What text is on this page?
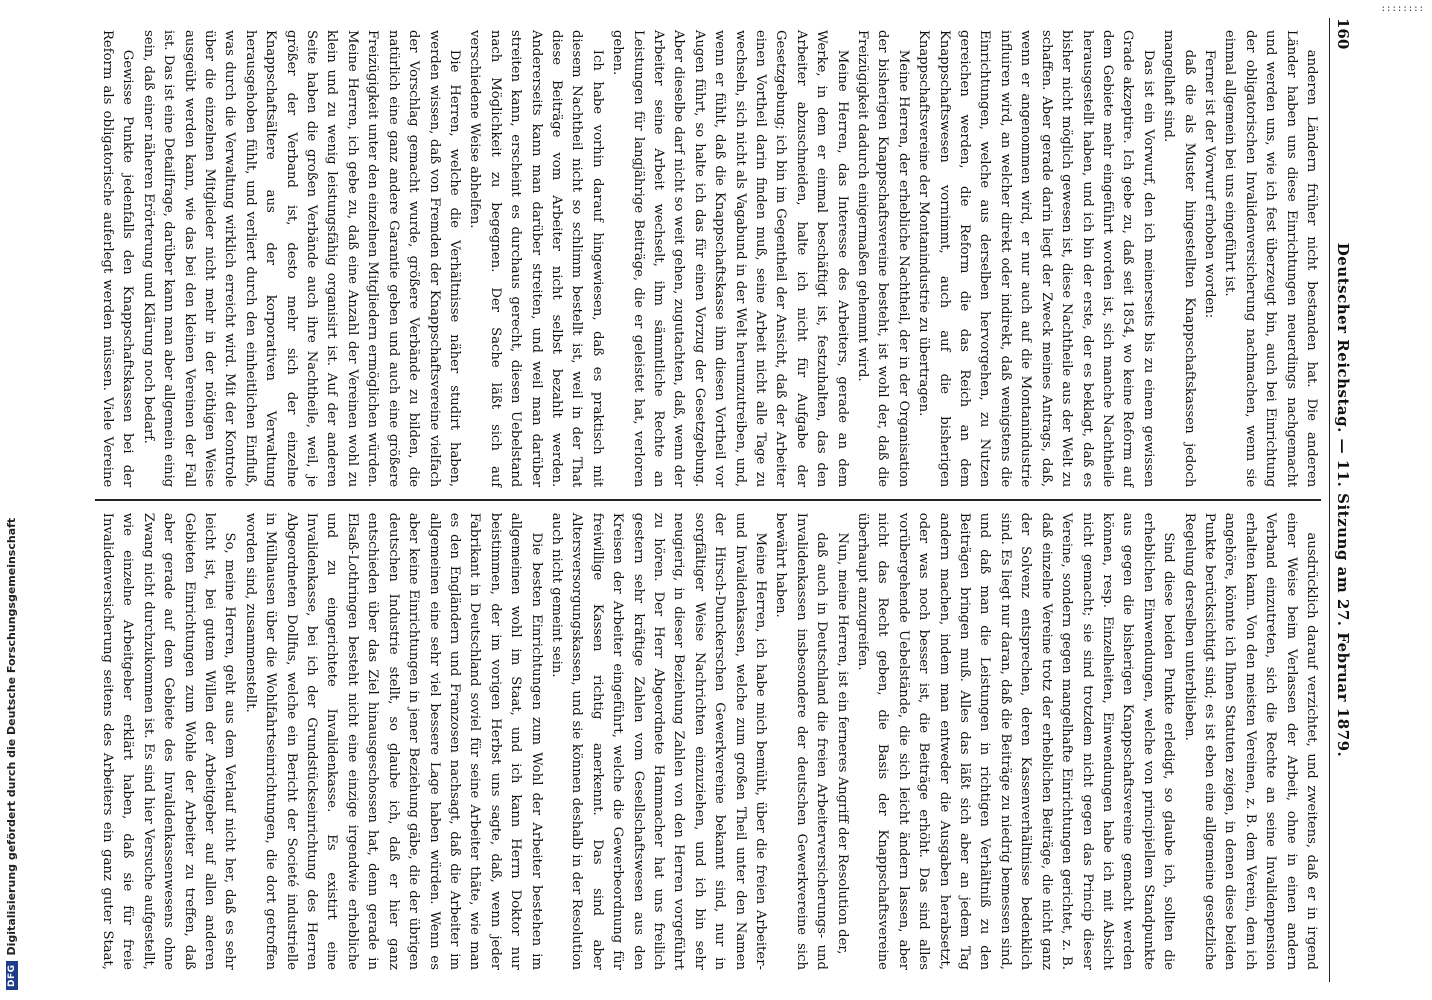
DFG
Digitalisierung gefördert durch die Deutsche Forschungsgemeinschaft
::::::::
160
Deutscher Reichstag. — 11. Sitzung am 27. Februar 1879.

anderen Ländern früher nicht bestanden hat. Die anderen Länder haben uns diese Einrichtungen neuerdings nachgemacht und werden uns, wie ich fest überzeugt bin, auch bei Einrichtung der obligatorischen Invalidenversicherung nachmachen, wenn sie einmal allgemein bei uns eingeführt ist.

Ferner ist der Vorwurf erhoben worden:

daß die als Muster hingestellten Knappschaftskassen jedoch mangelhaft sind.

Das ist ein Vorwurf, den ich meinerseits bis zu einem gewissen Grade akzeptire. Ich gebe zu, daß seit 1854, wo keine Reform auf dem Gebiete mehr eingeführt worden ist, sich manche Nachtheile herausgestellt haben, und ich bin der erste, der es beklagt, daß es bisher nicht möglich gewesen ist, diese Nachtheile aus der Welt zu schaffen. Aber gerade darin liegt der Zweck meines Antrags, daß, wenn er angenommen wird, er nur auch auf die Montanindustrie influiren wird, an welcher direkt oder indirekt, daß wenigstens die Einrichtungen, welche aus derselben hervorgehen, zu Nutzen gereichen werden, die Reform die das Reich an dem Knappschaftswesen vornimmt, auch auf die bisherigen Knappschaftsvereine der Montanindustrie zu übertragen.

Meine Herren, der erhebliche Nachtheil, der in der Organisation der bisherigen Knappschaftsvereine besteht, ist wohl der, daß die Freizügigkeit dadurch einigermaßen gehemmt wird.

Meine Herren, das Interesse des Arbeiters, gerade an dem Werke, in dem er einmal beschäftigt ist, festzuhalten, das den Arbeiter abzuschneiden, halte ich nicht für Aufgabe der Gesetzgebung; ich bin im Gegentheil der Ansicht, daß der Arbeiter einen Vortheil darin finden muß, seine Arbeit nicht alle Tage zu wechseln, sich nicht als Vagabund in der Welt herumzutreiben, und, wenn er fühlt, daß die Knappschaftskasse ihm diesen Vortheil vor Augen führt, so halte ich das für einen Vorzug der Gesetzgebung. Aber dieselbe darf nicht so weit gehen, zugutachten, daß, wenn der Arbeiter seine Arbeit wechselt, ihm sämmtliche Rechte an Leistungen für langjährige Beiträge, die er geleistet hat, verloren gehen.

Ich habe vorhin darauf hingewiesen, daß es praktisch mit diesem Nachtheil nicht so schlimm bestellt ist, weil in der That diese Beiträge vom Arbeiter nicht selbst bezahlt werden. Andererseits kann man darüber streiten, und weil man darüber streiten kann, erscheint es durchaus gerecht, diesen Uebelstand nach Möglichkeit zu begegnen. Der Sache läßt sich auf verschiedene Weise abhelfen.

Die Herren, welche die Verhältnisse näher studirt haben, werden wissen, daß von Fremden der Knappschaftsvereine vielfach der Vorschlag gemacht wurde, größere Verbände zu bilden, die natürlich eine ganz andere Garantie geben und auch eine größere Freizügigkeit unter den einzelnen Mitgliedern ermöglichen würden. Meine Herren, ich gebe zu, daß eine Anzahl der Vereinen wohl zu klein und zu wenig leistungsfähig organisirt ist. Auf der anderen Seite haben die großen Verbände auch ihre Nachtheile, weil, je größer der Verband ist, desto mehr sich der einzelne Knappschaftsältere aus der korporativen Verwaltung herausgehoben fühlt, und verliert durch den einheitlichen Einfluß, was durch die Verwaltung wirklich erreicht wird. Mit der Kontrole über die einzelnen Mitglieder nicht mehr in der nöthigen Weise ausgeübt werden kann, wie das bei den kleinen Vereinen der Fall ist. Das ist eine Detailfrage, darüber kann man aber allgemein einig sein, daß einer näheren Erörterung und Klärung noch bedarf.

Gewisse Punkte jedenfalls den Knappschaftskassen bei der Reform als obligatorische auferlegt werden müssen. Viele Vereine

ausdrücklich darauf verzichtet, und zweitens, daß er in irgend einer Weise beim Verlassen der Arbeit, ohne in einen andern Verband einzutreten, sich die Rechte an seine Invalidenpension erhalten kann. Von den meisten Vereinen, z. B. dem Verein, dem ich angehöre, könnte ich Ihnen Statuten zeigen, in denen diese beiden Punkte berücksichtigt sind; es ist eben eine allgemeine gesetzliche Regelung derselben unterblieben.

Sind diese beiden Punkte erledigt, so glaube ich, sollten die erheblichen Einwendungen, welche von principiellem Standpunkte aus gegen die bisherigen Knappschaftsvereine gemacht werden können, resp. Einzelheiten, Einwendungen habe ich mit Absicht nicht gemacht; sie sind trotzdem nicht gegen das Princip dieser Vereine, sondern gegen mangelhafte Einrichtungen gerichtet, z. B. daß einzelne Vereine trotz der erheblichen Beiträge, die nicht ganz der Solvenz entsprechen, deren Kassenverhältnisse bedenklich sind. Es liegt nur daran, daß die Beiträge zu niedrig bemessen sind, und daß man die Leistungen in richtigen Verhältniß zu den Beiträgen bringen muß. Alles das läßt sich aber an jedem Tag andern machen, indem man entweder die Ausgaben herabsetzt, oder was noch besser ist, die Beiträge erhöht. Das sind alles vorübergehende Uebelstände, die sich leicht ändern lassen, aber nicht das Recht geben, die Basis der Knappschaftsvereine überhaupt anzugreifen.

Nun, meine Herren, ist ein ferneres Angriff der Resolution der,

daß auch in Deutschland die freien Arbeiterversicherungs- und Invalidenkassen insbesondere der deutschen Gewerkvereine sich bewährt haben.

Meine Herren, ich habe mich bemüht, über die freien Arbeiter- und Invalidenkassen, welche zum großen Theil unter den Namen der Hirsch-Dunckerschen Gewerkvereine bekannt sind, nur in sorgfältiger Weise Nachrichten einzuziehen, und ich bin sehr neugierig, in dieser Beziehung Zahlen von den Herren vorgeführt zu hören. Der Herr Abgeordnete Hammacher hat uns freilich gestern sehr kräftige Zahlen vom Gesellschaftswesen aus den Kreisen der Arbeiter eingeführt, welche die Gewerbeordnung für freiwillige Kassen richtig anerkennt. Das sind aber Altersversorgungskassen, und sie können deshalb in der Resolution auch nicht gemeint sein.

Die besten Einrichtungen zum Wohl der Arbeiter bestehen im allgemeinen wohl im Staat, und ich kann Herrn Doktor nur beistimmen, der im vorigen Herbst uns sagte, daß, wenn jeder Fabrikant in Deutschland soviel für seine Arbeiter thäte, wie man es den Engländern und Franzosen nachsagt, daß die Arbeiter im allgemeinen eine sehr viel bessere Lage haben würden. Wenn es aber keine Einrichtungen in jener Beziehung gäbe, die der übrigen deutschen Industrie stellt, so glaube ich, daß er hier ganz entschieden über das Ziel hinausgeschossen hat, denn gerade in Elsaß-Lothringen besteht nicht eine einzige irgendwie erhebliche und zu eingerichtete Invalidenkasse. Es existirt eine Invalidenkasse, bei ich der Grundstückseinrichtung des Herren Abgeordneten Dollfus, welche ein Bericht der Societé industrielle in Mülhausen über die Wohlfahrtseinrichtungen, die dort getroffen worden sind, zusammenstellt.

So, meine Herren, geht aus dem Verlauf nicht her, daß es sehr leicht ist, bei gutem Willen der Arbeitgeber auf allen anderen Gebieten Einrichtungen zum Wohle der Arbeiter zu treffen, daß aber gerade auf dem Gebiete des Invalidenkassenwesens ohne Zwang nicht durchzukommen ist. Es sind hier Versuche aufgestellt, wie einzelne Arbeitgeber erklärt haben, daß sie für freie Invalidenversicherung seitens des Arbeiters ein ganz guter Staat,
